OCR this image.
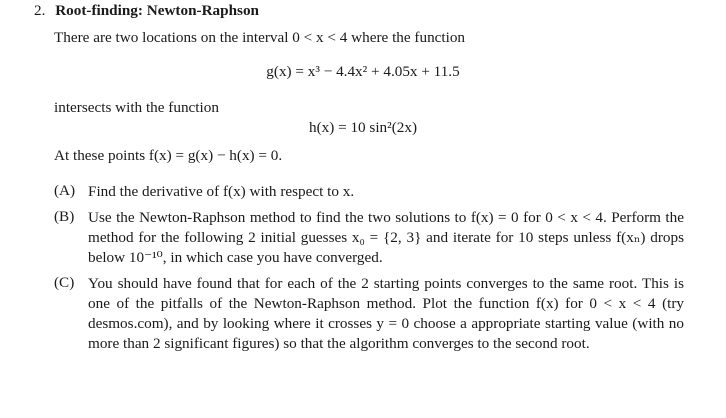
2. Root-finding: Newton-Raphson
There are two locations on the interval 0 < x < 4 where the function
g(x) = x³ − 4.4x² + 4.05x + 11.5
intersects with the function
h(x) = 10 sin²(2x)
At these points f(x) = g(x) − h(x) = 0.
(A) Find the derivative of f(x) with respect to x.
(B) Use the Newton-Raphson method to find the two solutions to f(x) = 0 for 0 < x < 4. Perform the method for the following 2 initial guesses x₀ = {2, 3} and iterate for 10 steps unless f(xₙ) drops below 10⁻¹⁰, in which case you have converged.
(C) You should have found that for each of the 2 starting points converges to the same root. This is one of the pitfalls of the Newton-Raphson method. Plot the function f(x) for 0 < x < 4 (try desmos.com), and by looking where it crosses y = 0 choose a appropriate starting value (with no more than 2 significant figures) so that the algorithm converges to the second root.
